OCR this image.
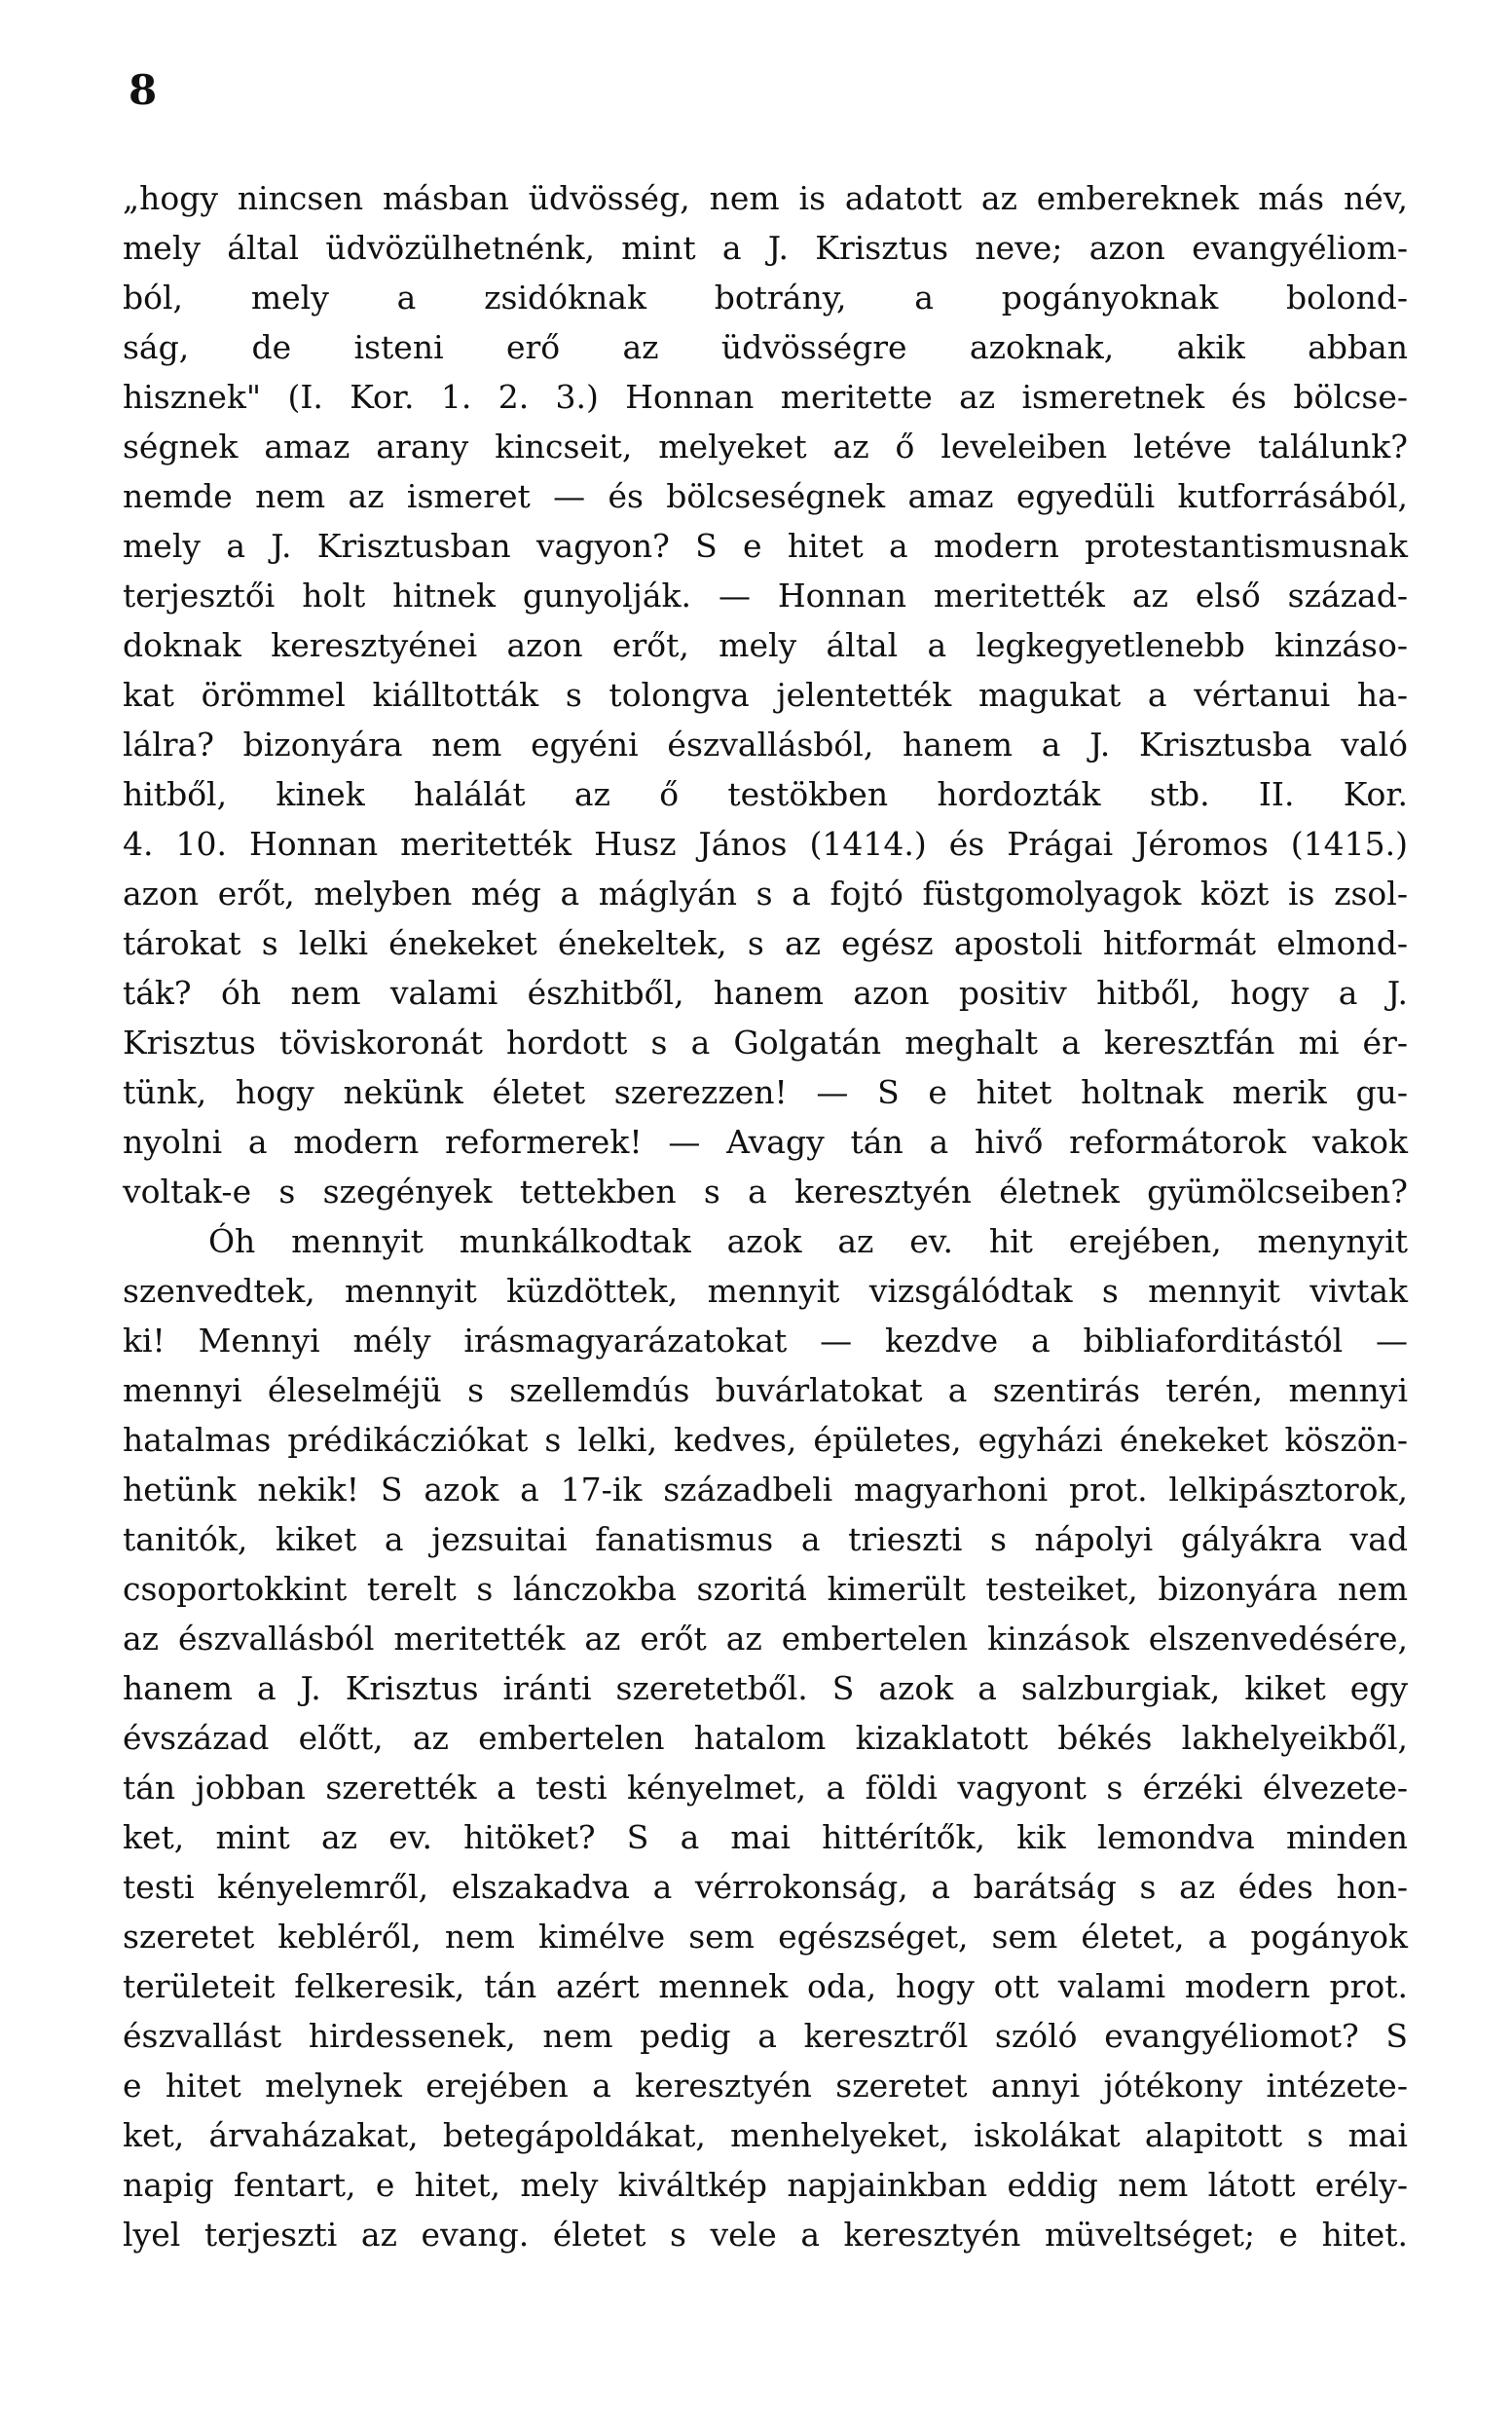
8
„hogy nincsen másban üdvösség, nem is adatott az embereknek más név,
mely által üdvözülhetnénk, mint a J. Krisztus neve; azon evangyéliom-
ból, mely a zsidóknak botrány, a pogányoknak bolond-
ság, de isteni erő az üdvösségre azoknak, akik abban
hisznek" (I. Kor. 1. 2. 3.) Honnan meritette az ismeretnek és bölcse-
ségnek amaz arany kincseit, melyeket az ő leveleiben letéve találunk?
nemde nem az ismeret — és bölcseségnek amaz egyedüli kutforrásából,
mely a J. Krisztusban vagyon? S e hitet a modern protestantismusnak
terjesztői holt hitnek gunyolják. — Honnan meritették az első század-
doknak keresztyénei azon erőt, mely által a legkegyetlenebb kinzáso-
kat örömmel kiálltották s tolongva jelentették magukat a vértanui ha-
lálra? bizonyára nem egyéni észvallásból, hanem a J. Krisztusba való
hitből, kinek halálát az ő testökben hordozták stb. II. Kor.
4. 10. Honnan meritették Husz János (1414.) és Prágai Jéromos (1415.)
azon erőt, melyben még a máglyán s a fojtó füstgomolyagok közt is zsol-
tárokat s lelki énekeket énekeltek, s az egész apostoli hitformát elmond-
ták? óh nem valami észhitből, hanem azon positiv hitből, hogy a J.
Krisztus töviskoronát hordott s a Golgatán meghalt a keresztfán mi ér-
tünk, hogy nekünk életet szerezzen! — S e hitet holtnak merik gu-
nyolni a modern reformerek! — Avagy tán a hivő reformátorok vakok
voltak-e s szegények tettekben s a keresztyén életnek gyümölcseiben?
Óh mennyit munkálkodtak azok az ev. hit erejében, menynyit
szenvedtek, mennyit küzdöttek, mennyit vizsgálódtak s mennyit vivtak
ki! Mennyi mély irásmagyarázatokat — kezdve a bibliaforditástól —
mennyi éleselméjü s szellemdús buvárlatokat a szentirás terén, mennyi
hatalmas prédikácziókat s lelki, kedves, épületes, egyházi énekeket köszön-
hetünk nekik! S azok a 17-ik századbeli magyarhoni prot. lelkipásztorok,
tanitók, kiket a jezsuitai fanatismus a trieszti s nápolyi gályákra vad
csoportokkint terelt s lánczokba szoritá kimerült testeiket, bizonyára nem
az észvallásból meritették az erőt az embertelen kinzások elszenvedésére,
hanem a J. Krisztus iránti szeretetből. S azok a salzburgiak, kiket egy
évszázad előtt, az embertelen hatalom kizaklatott békés lakhelyeikből,
tán jobban szerették a testi kényelmet, a földi vagyont s érzéki élvezete-
ket, mint az ev. hitöket? S a mai hittérítők, kik lemondva minden
testi kényelemről, elszakadva a vérrokonság, a barátság s az édes hon-
szeretet kebléről, nem kimélve sem egészséget, sem életet, a pogányok
területeit felkeresik, tán azért mennek oda, hogy ott valami modern prot.
észvallást hirdessenek, nem pedig a keresztről szóló evangyéliomot? S
e hitet melynek erejében a keresztyén szeretet annyi jótékony intézete-
ket, árvaházakat, betegápoldákat, menhelyeket, iskolákat alapitott s mai
napig fentart, e hitet, mely kiváltkép napjainkban eddig nem látott erély-
lyel terjeszti az evang. életet s vele a keresztyén müveltséget; e hitet.
